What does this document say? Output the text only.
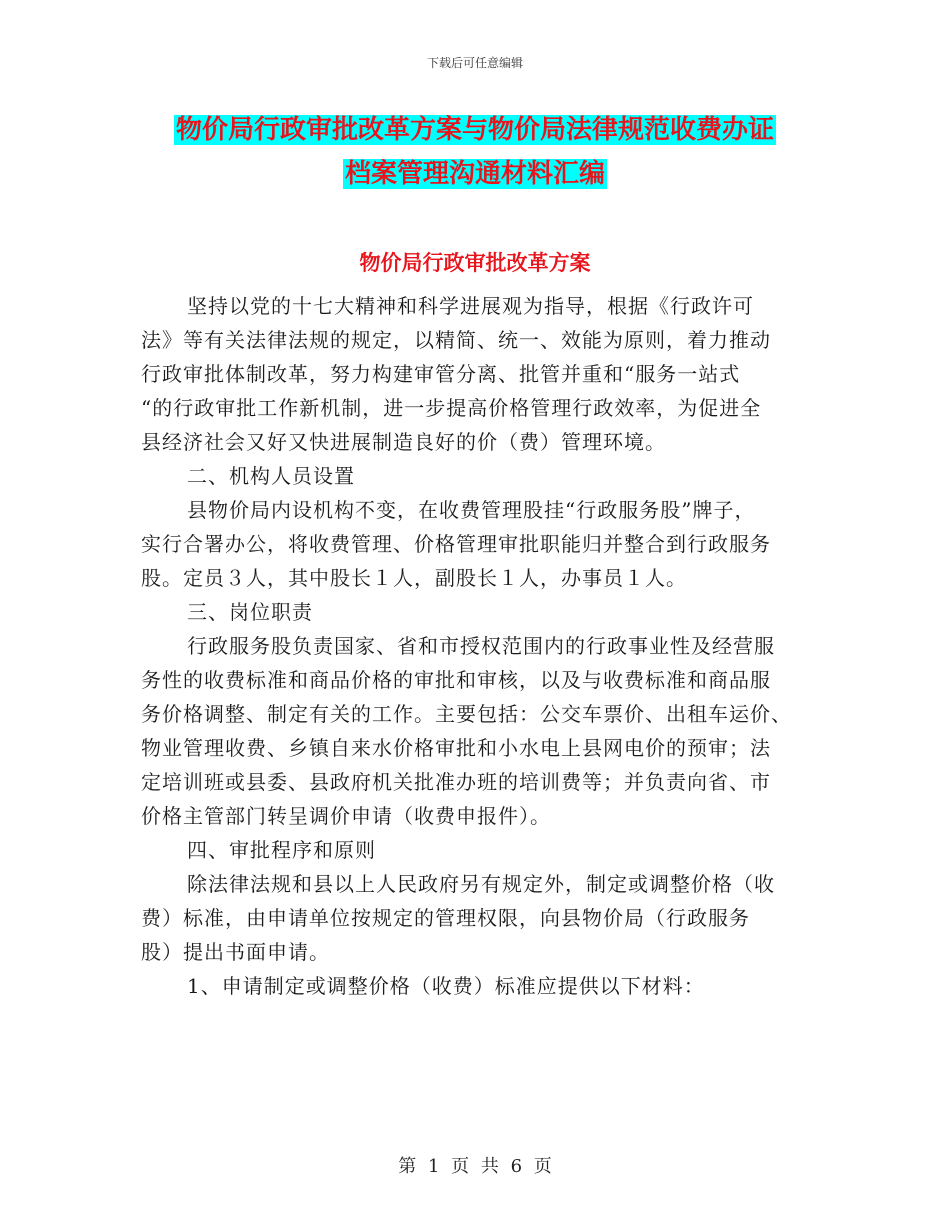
下载后可任意编辑
物价局行政审批改革方案与物价局法律规范收费办证
档案管理沟通材料汇编
物价局行政审批改革方案
坚持以党的十七大精神和科学进展观为指导，根据《行政许可
法》等有关法律法规的规定，以精简、统一、效能为原则，着力推动
行政审批体制改革，努力构建审管分离、批管并重和“服务一站式
“的行政审批工作新机制，进一步提高价格管理行政效率，为促进全
县经济社会又好又快进展制造良好的价（费）管理环境。
二、机构人员设置
县物价局内设机构不变，在收费管理股挂“行政服务股”牌子，
实行合署办公，将收费管理、价格管理审批职能归并整合到行政服务
股。定员３人，其中股长１人，副股长１人，办事员１人。
三、岗位职责
行政服务股负责国家、省和市授权范围内的行政事业性及经营服
务性的收费标准和商品价格的审批和审核，以及与收费标准和商品服
务价格调整、制定有关的工作。主要包括：公交车票价、出租车运价、
物业管理收费、乡镇自来水价格审批和小水电上县网电价的预审；法
定培训班或县委、县政府机关批准办班的培训费等；并负责向省、市
价格主管部门转呈调价申请（收费申报件）。
四、审批程序和原则
除法律法规和县以上人民政府另有规定外，制定或调整价格（收
费）标准，由申请单位按规定的管理权限，向县物价局（行政服务
股）提出书面申请。
1、申请制定或调整价格（收费）标准应提供以下材料：
第 1 页 共 6 页
